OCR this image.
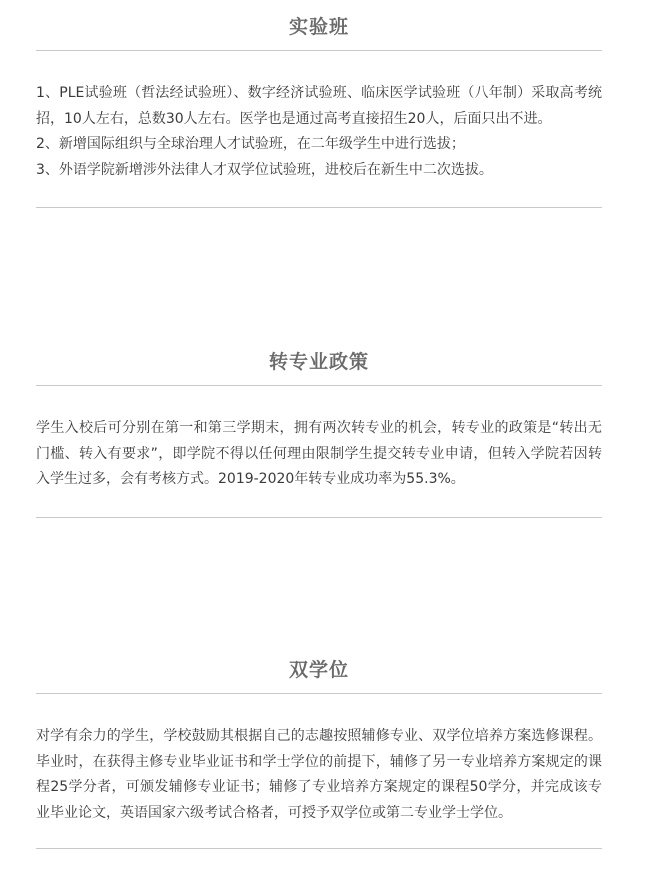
实验班

1、PLE试验班（哲法经试验班）、数字经济试验班、临床医学试验班（八年制）采取高考统招，10人左右，总数30人左右。医学也是通过高考直接招生20人，后面只出不进。

2、新增国际组织与全球治理人才试验班，在二年级学生中进行选拔；

3、外语学院新增涉外法律人才双学位试验班，进校后在新生中二次选拔。

转专业政策

学生入校后可分别在第一和第三学期末，拥有两次转专业的机会，转专业的政策是“转出无门槛、转入有要求”，即学院不得以任何理由限制学生提交转专业申请，但转入学院若因转入学生过多，会有考核方式。2019-2020年转专业成功率为55.3%。

双学位

对学有余力的学生，学校鼓励其根据自己的志趣按照辅修专业、双学位培养方案选修课程。毕业时，在获得主修专业毕业证书和学士学位的前提下，辅修了另一专业培养方案规定的课程25学分者，可颁发辅修专业证书；辅修了专业培养方案规定的课程50学分，并完成该专业毕业论文，英语国家六级考试合格者，可授予双学位或第二专业学士学位。
